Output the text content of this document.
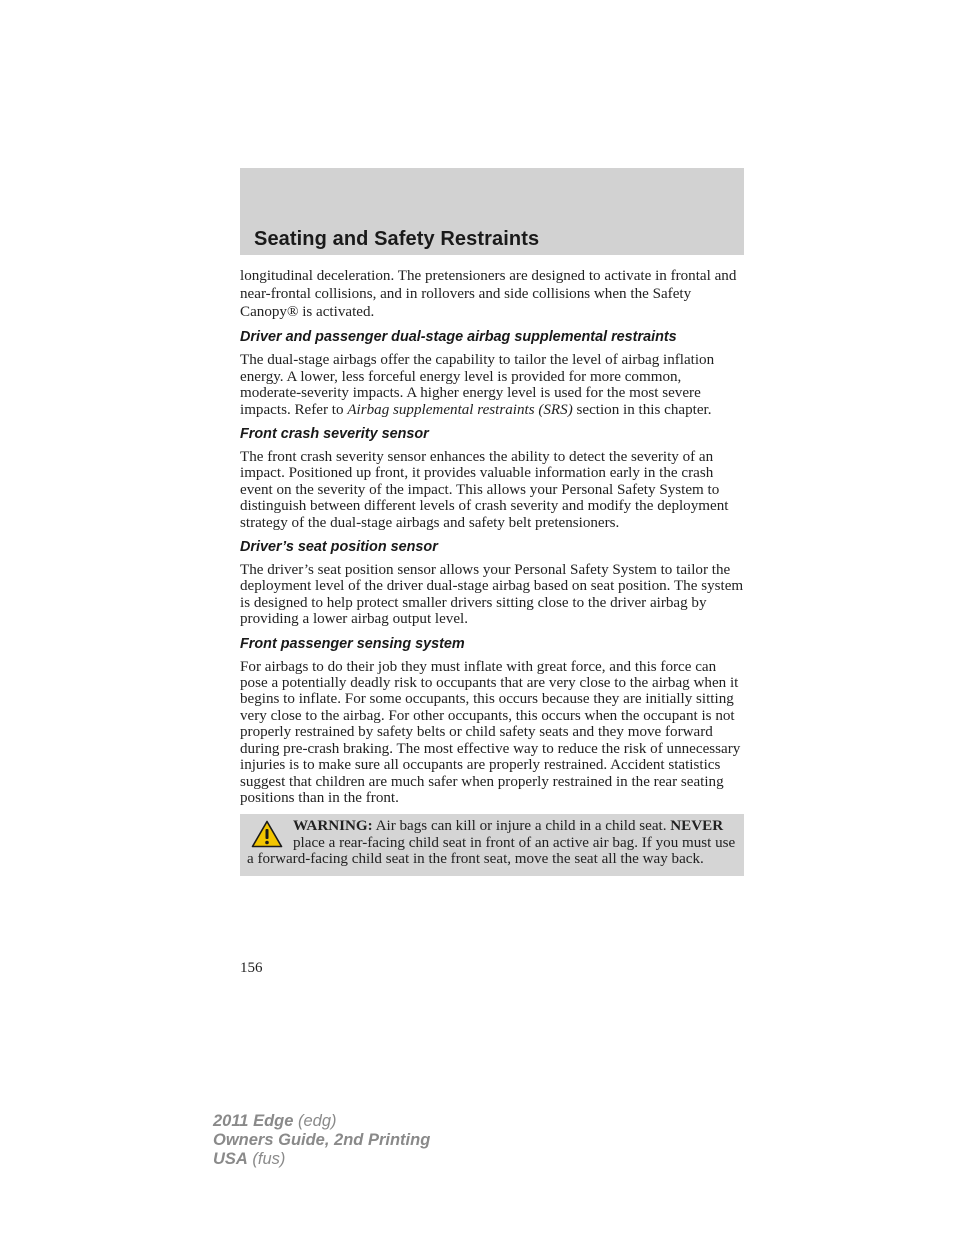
Seating and Safety Restraints

longitudinal deceleration. The pretensioners are designed to activate in frontal and near-frontal collisions, and in rollovers and side collisions when the Safety Canopy® is activated.

Driver and passenger dual-stage airbag supplemental restraints

The dual-stage airbags offer the capability to tailor the level of airbag inflation energy. A lower, less forceful energy level is provided for more common, moderate-severity impacts. A higher energy level is used for the most severe impacts. Refer to Airbag supplemental restraints (SRS) section in this chapter.

Front crash severity sensor

The front crash severity sensor enhances the ability to detect the severity of an impact. Positioned up front, it provides valuable information early in the crash event on the severity of the impact. This allows your Personal Safety System to distinguish between different levels of crash severity and modify the deployment strategy of the dual-stage airbags and safety belt pretensioners.

Driver’s seat position sensor

The driver’s seat position sensor allows your Personal Safety System to tailor the deployment level of the driver dual-stage airbag based on seat position. The system is designed to help protect smaller drivers sitting close to the driver airbag by providing a lower airbag output level.

Front passenger sensing system

For airbags to do their job they must inflate with great force, and this force can pose a potentially deadly risk to occupants that are very close to the airbag when it begins to inflate. For some occupants, this occurs because they are initially sitting very close to the airbag. For other occupants, this occurs when the occupant is not properly restrained by safety belts or child safety seats and they move forward during pre-crash braking. The most effective way to reduce the risk of unnecessary injuries is to make sure all occupants are properly restrained. Accident statistics suggest that children are much safer when properly restrained in the rear seating positions than in the front.

WARNING: Air bags can kill or injure a child in a child seat. NEVER place a rear-facing child seat in front of an active air bag. If you must use a forward-facing child seat in the front seat, move the seat all the way back.
156
2011 Edge (edg)
Owners Guide, 2nd Printing
USA (fus)
